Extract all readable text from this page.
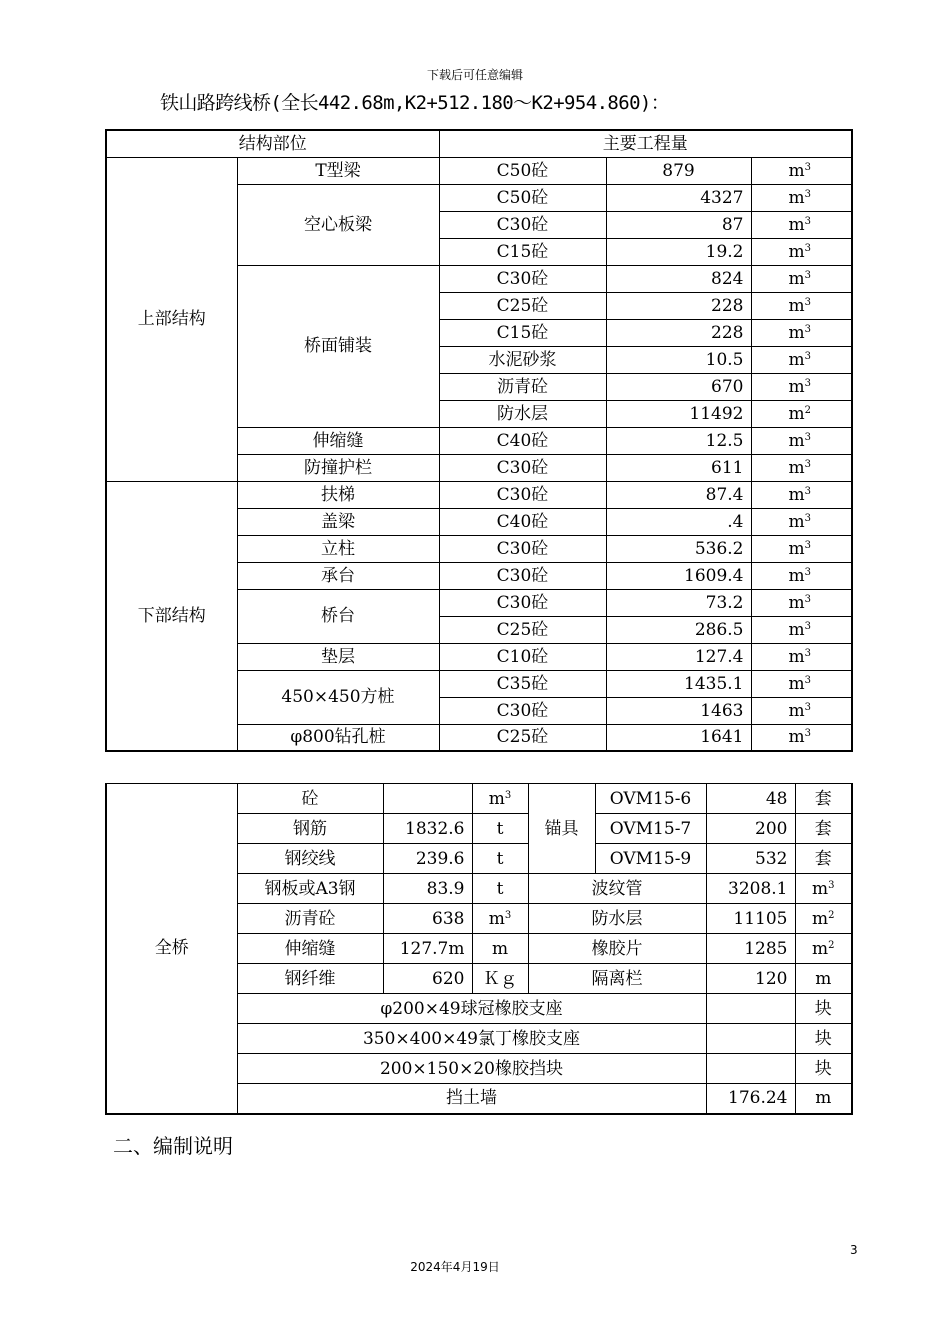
下载后可任意编辑
铁山路跨线桥(全长442.68m,K2+512.180～K2+954.860)：
结构部位		主要工程量		
上部结构	T型梁	C50砼	879	$m^3$
	空心板梁	C50砼	4327	$m^3$
		C30砼	87	$m^3$
		C15砼	19.2	$m^3$
	桥面铺装	C30砼	824	$m^3$
		C25砼	228	$m^3$
		C15砼	228	$m^3$
		水泥砂浆	10.5	$m^3$
		沥青砼	670	$m^3$
		防水层	11492	$m^2$
	伸缩缝	C40砼	12.5	$m^3$
	防撞护栏	C30砼	611	$m^3$
下部结构	扶梯	C30砼	87.4	$m^3$
	盖梁	C40砼	.4	$m^3$
	立柱	C30砼	536.2	$m^3$
	承台	C30砼	1609.4	$m^3$
	桥台	C30砼	73.2	$m^3$
		C25砼	286.5	$m^3$
	垫层	C10砼	127.4	$m^3$
	450×450方桩	C35砼	1435.1	$m^3$
		C30砼	1463	$m^3$
	φ800钻孔桩	C25砼	1641	$m^3$
全桥	砼		$m^3$	锚具	OVM15-6	48	套
	钢筋	1832.6	t		OVM15-7	200	套
	钢绞线	239.6	t		OVM15-9	532	套
	钢板或A3钢	83.9	t	波纹管		3208.1	$m^3$
	沥青砼	638	$m^3$	防水层		11105	$m^2$
	伸缩缝	127.7m	m	橡胶片		1285	$m^2$
	钢纤维	620	Ｋｇ	隔离栏		120	m
	φ200×49球冠橡胶支座						块
	350×400×49氯丁橡胶支座						块
	200×150×20橡胶挡块						块
	挡土墙					176.24	m
二、编制说明
3
2024年4月19日
